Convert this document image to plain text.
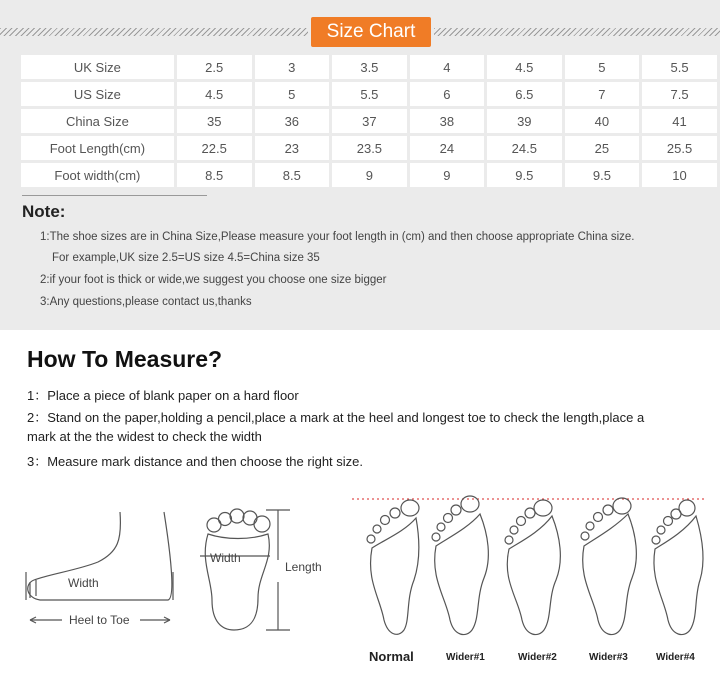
Size Chart
UK Size	2.5	3	3.5	4	4.5	5	5.5
US Size	4.5	5	5.5	6	6.5	7	7.5
China Size	35	36	37	38	39	40	41
Foot Length(cm)	22.5	23	23.5	24	24.5	25	25.5
Foot width(cm)	8.5	8.5	9	9	9.5	9.5	10
Note:
1:The shoe sizes are in China Size,Please measure your foot length in (cm) and then choose appropriate China size.
For example,UK size 2.5=US size 4.5=China size 35
2:if your foot is thick or wide,we suggest you choose one size bigger
3:Any questions,please contact us,thanks
How To Measure?
1：Place a piece of blank paper on a hard floor
2：Stand on the paper,holding a pencil,place a mark at the heel and longest toe to check the length,place a
mark at the the widest to check the width
3：Measure mark distance and then choose the right size.
Width
Heel to Toe
Width
Length
Normal	Wider#1	Wider#2	Wider#3	Wider#4
